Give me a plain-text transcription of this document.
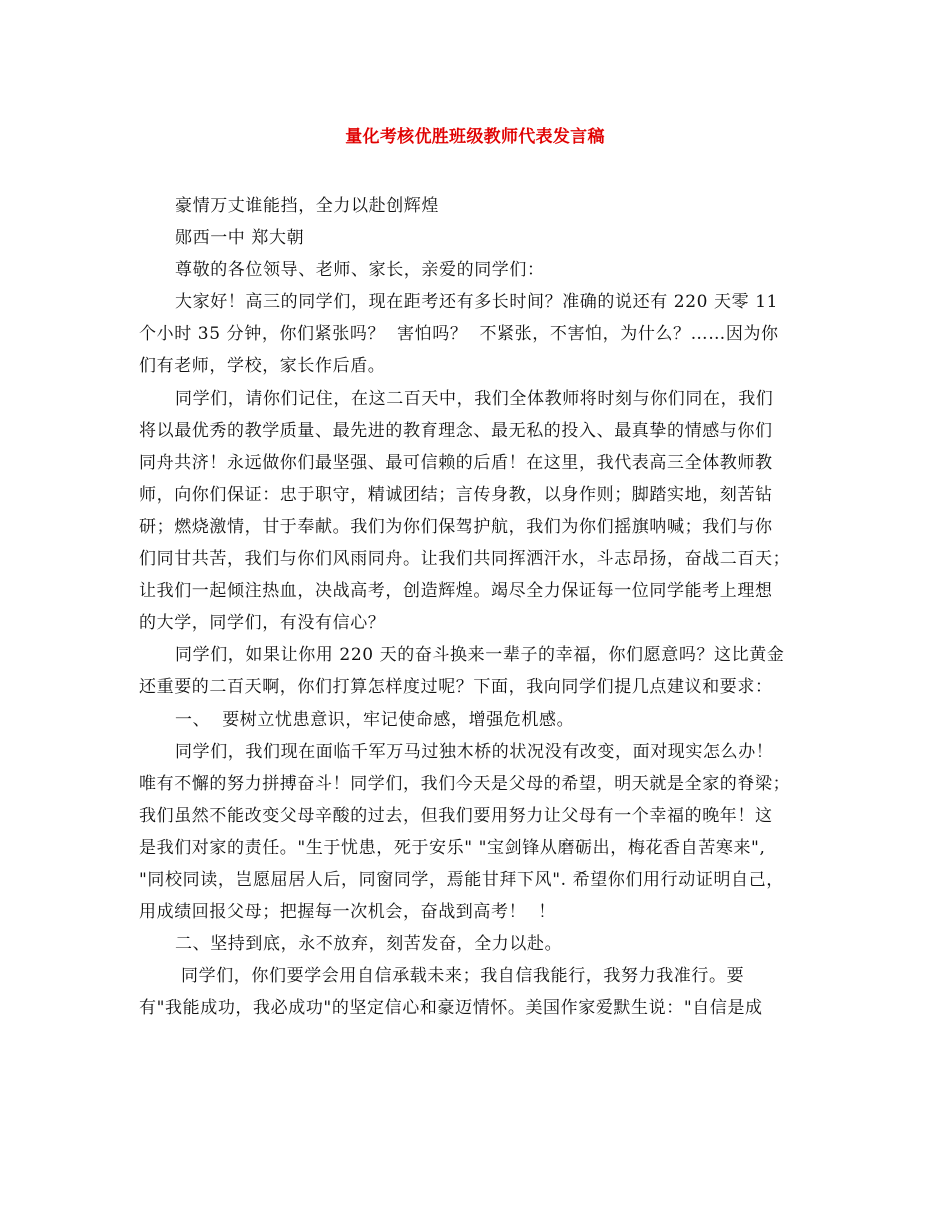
量化考核优胜班级教师代表发言稿
豪情万丈谁能挡，全力以赴创辉煌
郧西一中 郑大朝
尊敬的各位领导、老师、家长，亲爱的同学们：
大家好！高三的同学们，现在距考还有多长时间？准确的说还有 220 天零 11
个小时 35 分钟，你们紧张吗？  害怕吗？  不紧张，不害怕，为什么？……因为你
们有老师，学校，家长作后盾。
同学们，请你们记住，在这二百天中，我们全体教师将时刻与你们同在，我们
将以最优秀的教学质量、最先进的教育理念、最无私的投入、最真挚的情感与你们
同舟共济！永远做你们最坚强、最可信赖的后盾！在这里，我代表高三全体教师教
师，向你们保证：忠于职守，精诚团结；言传身教，以身作则；脚踏实地，刻苦钻
研；燃烧激情，甘于奉献。我们为你们保驾护航，我们为你们摇旗呐喊；我们与你
们同甘共苦，我们与你们风雨同舟。让我们共同挥洒汗水，斗志昂扬，奋战二百天；
让我们一起倾注热血，决战高考，创造辉煌。竭尽全力保证每一位同学能考上理想
的大学，同学们，有没有信心？
同学们，如果让你用 220 天的奋斗换来一辈子的幸福，你们愿意吗？这比黄金
还重要的二百天啊，你们打算怎样度过呢？下面，我向同学们提几点建议和要求：
一、  要树立忧患意识，牢记使命感，增强危机感。
同学们，我们现在面临千军万马过独木桥的状况没有改变，面对现实怎么办！
唯有不懈的努力拼搏奋斗！同学们，我们今天是父母的希望，明天就是全家的脊梁；
我们虽然不能改变父母辛酸的过去，但我们要用努力让父母有一个幸福的晚年！这
是我们对家的责任。"生于忧患，死于安乐" "宝剑锋从磨砺出，梅花香自苦寒来",
"同校同读，岂愿屈居人后，同窗同学，焉能甘拜下风". 希望你们用行动证明自己，
用成绩回报父母；把握每一次机会，奋战到高考！  ！
二、坚持到底，永不放弃，刻苦发奋，全力以赴。
同学们，你们要学会用自信承载未来；我自信我能行，我努力我准行。要
有"我能成功，我必成功"的坚定信心和豪迈情怀。美国作家爱默生说："自信是成
